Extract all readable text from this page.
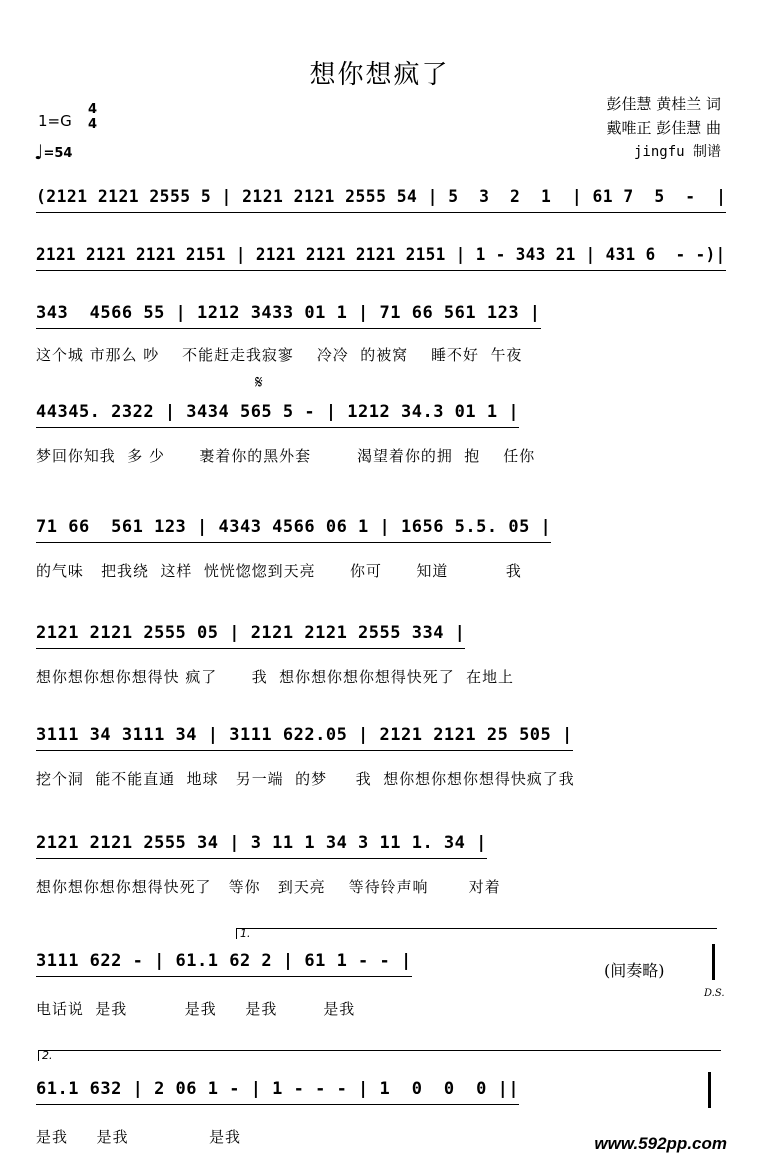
想你想疯了
彭佳慧 黄桂兰 词
戴唯正 彭佳慧 曲
jingfu 制谱
1=G
4
4
♩=54
(2121 2121 2555 5 | 2121 2121 2555 54 | 5  3  2  1  | 61 7  5  -  |
2121 2121 2121 2151 | 2121 2121 2121 2151 | 1 - 343 21 | 431 6  - -)|
343  4566 55 | 1212 3433 01 1 | 71 66 561 123 |
这个城 市那么 吵    不能赶走我寂寥    冷冷  的被窝    睡不好  午夜
44345. 2322 | 3434 565 5 - | 1212 34.3 01 1 |
梦回你知我  多 少      裹着你的黑外套        渴望着你的拥  抱    任你
71 66  561 123 | 4343 4566 06 1 | 1656 5.5. 05 |
的气味   把我绕  这样  恍恍惚惚到天亮      你可      知道          我
2121 2121 2555 05 | 2121 2121 2555 334 |
想你想你想你想得快 疯了      我  想你想你想你想得快死了  在地上
3111 34 3111 34 | 3111 622.05 | 2121 2121 25 505 |
挖个洞  能不能直通  地球   另一端  的梦     我  想你想你想你想得快疯了我
2121 2121 2555 34 | 3 11 1 34 3 11 1. 34 |
想你想你想你想得快死了   等你   到天亮    等待铃声响       对着
3111 622 - | 61.1 62 2 | 61 1 - - |
电话说  是我          是我     是我        是我
61.1 632 | 2 06 1 - | 1 - - - | 1  0  0  0 ||
是我     是我              是我
𝄋
D.S.
1.
2.
(间奏略)
www.592pp.com
